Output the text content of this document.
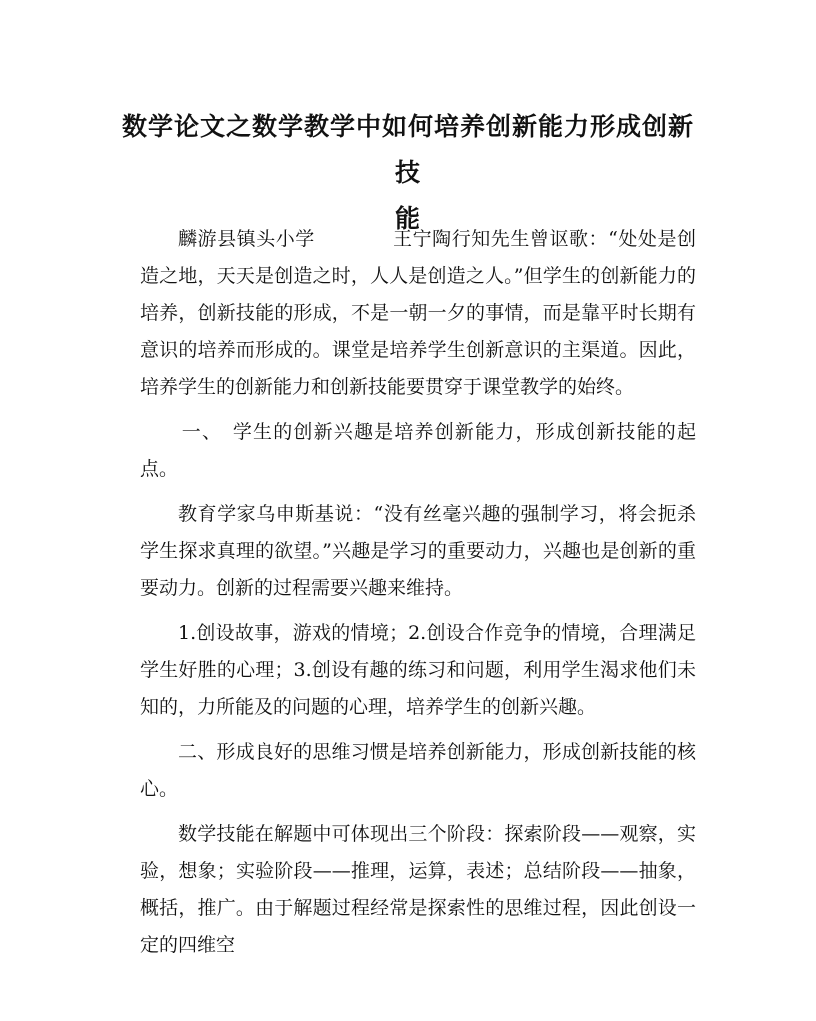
数学论文之数学教学中如何培养创新能力形成创新技
能

麟游县镇头小学　　　　王宁陶行知先生曾讴歌：“处处是创造之地，天天是创造之时，人人是创造之人。”但学生的创新能力的培养，创新技能的形成，不是一朝一夕的事情，而是靠平时长期有意识的培养而形成的。课堂是培养学生创新意识的主渠道。因此，培养学生的创新能力和创新技能要贯穿于课堂教学的始终。

一、　学生的创新兴趣是培养创新能力，形成创新技能的起点。

教育学家乌申斯基说：“没有丝毫兴趣的强制学习，将会扼杀学生探求真理的欲望。”兴趣是学习的重要动力，兴趣也是创新的重要动力。创新的过程需要兴趣来维持。

1.创设故事，游戏的情境；2.创设合作竞争的情境，合理满足学生好胜的心理；3.创设有趣的练习和问题，利用学生渴求他们未知的，力所能及的问题的心理，培养学生的创新兴趣。

二、形成良好的思维习惯是培养创新能力，形成创新技能的核心。

数学技能在解题中可体现出三个阶段：探索阶段——观察，实验，想象；实验阶段——推理，运算，表述；总结阶段——抽象，概括，推广。由于解题过程经常是探索性的思维过程，因此创设一定的四维空
